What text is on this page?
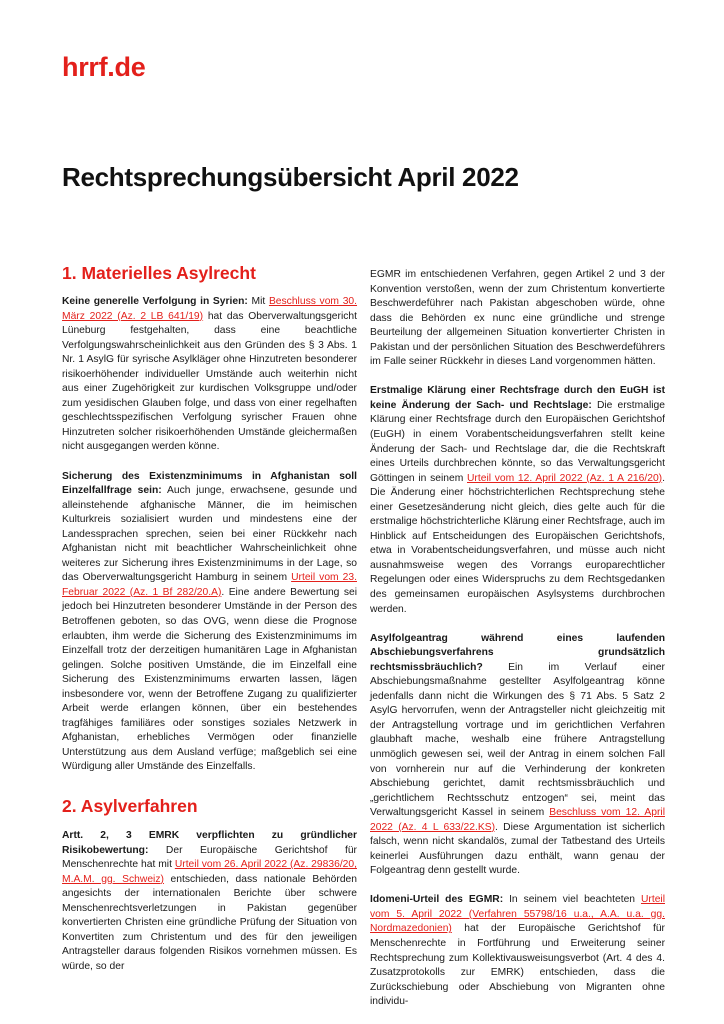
hrrf.de
Rechtsprechungsübersicht April 2022
1. Materielles Asylrecht

Keine generelle Verfolgung in Syrien: Mit Beschluss vom 30. März 2022 (Az. 2 LB 641/19) hat das Oberverwaltungsgericht Lüneburg festgehalten, dass eine beachtliche Verfolgungswahrscheinlichkeit aus den Gründen des § 3 Abs. 1 Nr. 1 AsylG für syrische Asylkläger ohne Hinzutreten besonderer risikoerhöhender individueller Umstände auch weiterhin nicht aus einer Zugehörigkeit zur kurdischen Volksgruppe und/oder zum yesidischen Glauben folge, und dass von einer regelhaften geschlechtsspezifischen Verfolgung syrischer Frauen ohne Hinzutreten solcher risikoerhöhenden Umstände gleichermaßen nicht ausgegangen werden könne.

Sicherung des Existenzminimums in Afghanistan soll Einzelfallfrage sein: Auch junge, erwachsene, gesunde und alleinstehende afghanische Männer, die im heimischen Kulturkreis sozialisiert wurden und mindestens eine der Landessprachen sprechen, seien bei einer Rückkehr nach Afghanistan nicht mit beachtlicher Wahrscheinlichkeit ohne weiteres zur Sicherung ihres Existenzminimums in der Lage, so das Oberverwaltungsgericht Hamburg in seinem Urteil vom 23. Februar 2022 (Az. 1 Bf 282/20.A). Eine andere Bewertung sei jedoch bei Hinzutreten besonderer Umstände in der Person des Betroffenen geboten, so das OVG, wenn diese die Prognose erlaubten, ihm werde die Sicherung des Existenzminimums im Einzelfall trotz der derzeitigen humanitären Lage in Afghanistan gelingen. Solche positiven Umstände, die im Einzelfall eine Sicherung des Existenzminimums erwarten lassen, lägen insbesondere vor, wenn der Betroffene Zugang zu qualifizierter Arbeit werde erlangen können, über ein bestehendes tragfähiges familiäres oder sonstiges soziales Netzwerk in Afghanistan, erhebliches Vermögen oder finanzielle Unterstützung aus dem Ausland verfüge; maßgeblich sei eine Würdigung aller Umstände des Einzelfalls.

2. Asylverfahren

Artt. 2, 3 EMRK verpflichten zu gründlicher Risikobewertung: Der Europäische Gerichtshof für Menschenrechte hat mit Urteil vom 26. April 2022 (Az. 29836/20, M.A.M. gg. Schweiz) entschieden, dass nationale Behörden angesichts der internationalen Berichte über schwere Menschenrechtsverletzungen in Pakistan gegenüber konvertierten Christen eine gründliche Prüfung der Situation von Konvertiten zum Christentum und des für den jeweiligen Antragsteller daraus folgenden Risikos vornehmen müssen. Es würde, so der

EGMR im entschiedenen Verfahren, gegen Artikel 2 und 3 der Konvention verstoßen, wenn der zum Christentum konvertierte Beschwerdeführer nach Pakistan abgeschoben würde, ohne dass die Behörden ex nunc eine gründliche und strenge Beurteilung der allgemeinen Situation konvertierter Christen in Pakistan und der persönlichen Situation des Beschwerdeführers im Falle seiner Rückkehr in dieses Land vorgenommen hätten.

Erstmalige Klärung einer Rechtsfrage durch den EuGH ist keine Änderung der Sach- und Rechtslage: Die erstmalige Klärung einer Rechtsfrage durch den Europäischen Gerichtshof (EuGH) in einem Vorabentscheidungsverfahren stellt keine Änderung der Sach- und Rechtslage dar, die die Rechtskraft eines Urteils durchbrechen könnte, so das Verwaltungsgericht Göttingen in seinem Urteil vom 12. April 2022 (Az. 1 A 216/20). Die Änderung einer höchstrichterlichen Rechtsprechung stehe einer Gesetzesänderung nicht gleich, dies gelte auch für die erstmalige höchstrichterliche Klärung einer Rechtsfrage, auch im Hinblick auf Entscheidungen des Europäischen Gerichtshofs, etwa in Vorabentscheidungsverfahren, und müsse auch nicht ausnahmsweise wegen des Vorrangs europarechtlicher Regelungen oder eines Widerspruchs zu dem Rechtsgedanken des gemeinsamen europäischen Asylsystems durchbrochen werden.

Asylfolgeantrag während eines laufenden Abschiebungsverfahrens grundsätzlich rechtsmissbräuchlich? Ein im Verlauf einer Abschiebungsmaßnahme gestellter Asylfolgeantrag könne jedenfalls dann nicht die Wirkungen des § 71 Abs. 5 Satz 2 AsylG hervorrufen, wenn der Antragsteller nicht gleichzeitig mit der Antragstellung vortrage und im gerichtlichen Verfahren glaubhaft mache, weshalb eine frühere Antragstellung unmöglich gewesen sei, weil der Antrag in einem solchen Fall von vornherein nur auf die Verhinderung der konkreten Abschiebung gerichtet, damit rechtsmissbräuchlich und „gerichtlichem Rechtsschutz entzogen“ sei, meint das Verwaltungsgericht Kassel in seinem Beschluss vom 12. April 2022 (Az. 4 L 633/22.KS). Diese Argumentation ist sicherlich falsch, wenn nicht skandalös, zumal der Tatbestand des Urteils keinerlei Ausführungen dazu enthält, wann genau der Folgeantrag denn gestellt wurde.

Idomeni-Urteil des EGMR: In seinem viel beachteten Urteil vom 5. April 2022 (Verfahren 55798/16 u.a., A.A. u.a. gg. Nordmazedonien) hat der Europäische Gerichtshof für Menschenrechte in Fortführung und Erweiterung seiner Rechtsprechung zum Kollektivausweisungsverbot (Art. 4 des 4. Zusatzprotokolls zur EMRK) entschieden, dass die Zurückschiebung oder Abschiebung von Migranten ohne individu-
